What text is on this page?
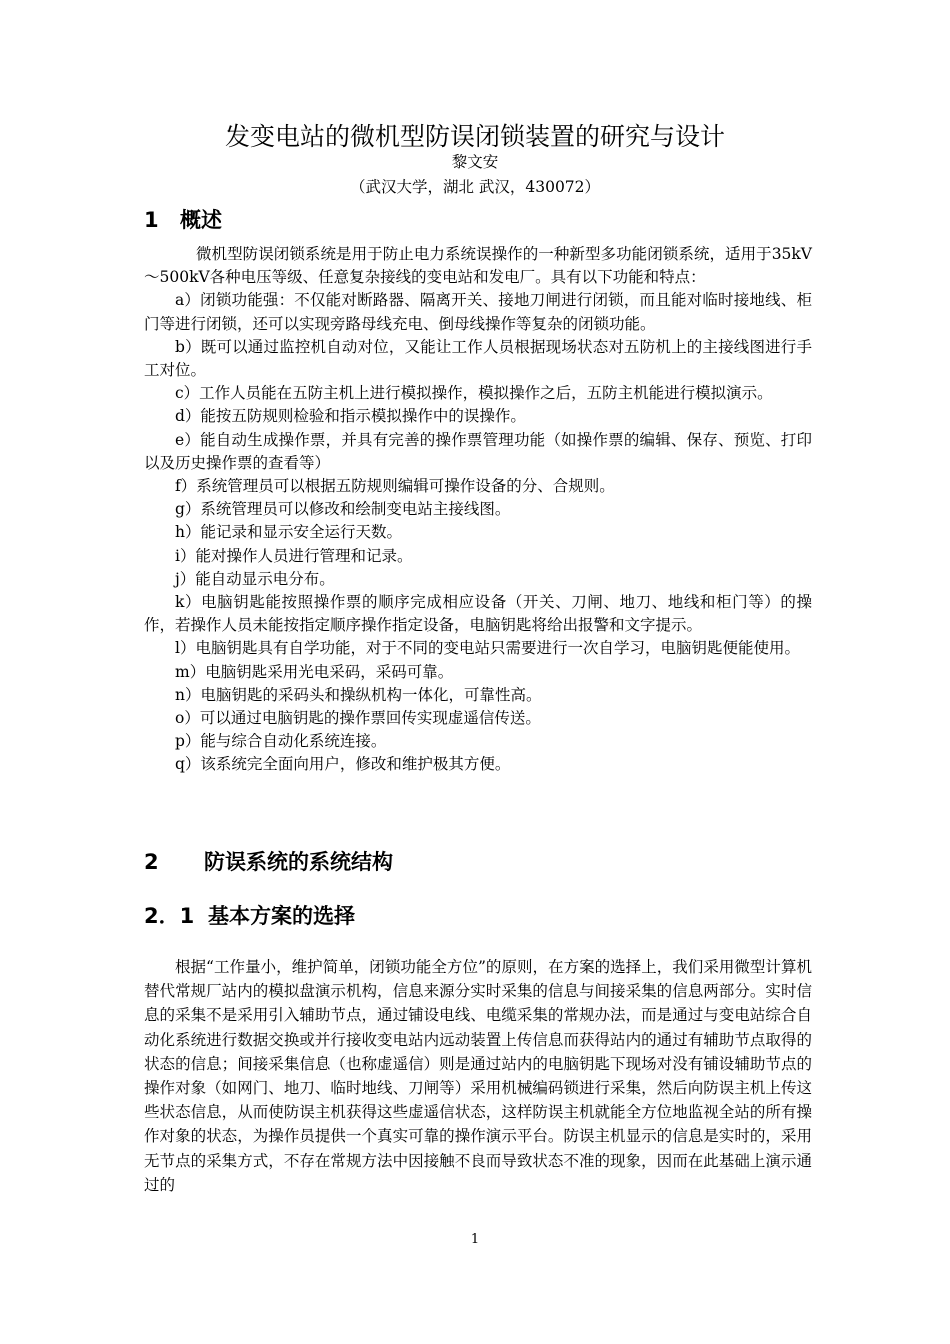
发变电站的微机型防误闭锁装置的研究与设计
黎文安
（武汉大学，湖北 武汉，430072）
1 概述

微机型防误闭锁系统是用于防止电力系统误操作的一种新型多功能闭锁系统，适用于35kV～500kV各种电压等级、任意复杂接线的变电站和发电厂。具有以下功能和特点：

a）闭锁功能强：不仅能对断路器、隔离开关、接地刀闸进行闭锁，而且能对临时接地线、柜门等进行闭锁，还可以实现旁路母线充电、倒母线操作等复杂的闭锁功能。

b）既可以通过监控机自动对位，又能让工作人员根据现场状态对五防机上的主接线图进行手工对位。

c）工作人员能在五防主机上进行模拟操作，模拟操作之后，五防主机能进行模拟演示。

d）能按五防规则检验和指示模拟操作中的误操作。

e）能自动生成操作票，并具有完善的操作票管理功能（如操作票的编辑、保存、预览、打印以及历史操作票的查看等）

f）系统管理员可以根据五防规则编辑可操作设备的分、合规则。

g）系统管理员可以修改和绘制变电站主接线图。

h）能记录和显示安全运行天数。

i）能对操作人员进行管理和记录。

j）能自动显示电分布。

k）电脑钥匙能按照操作票的顺序完成相应设备（开关、刀闸、地刀、地线和柜门等）的操作，若操作人员未能按指定顺序操作指定设备，电脑钥匙将给出报警和文字提示。

l）电脑钥匙具有自学功能，对于不同的变电站只需要进行一次自学习，电脑钥匙便能使用。

m）电脑钥匙采用光电采码，采码可靠。

n）电脑钥匙的采码头和操纵机构一体化，可靠性高。

o）可以通过电脑钥匙的操作票回传实现虚遥信传送。

p）能与综合自动化系统连接。

q）该系统完全面向用户，修改和维护极其方便。

2 防误系统的系统结构
2．1 基本方案的选择

根据“工作量小，维护简单，闭锁功能全方位”的原则，在方案的选择上，我们采用微型计算机替代常规厂站内的模拟盘演示机构，信息来源分实时采集的信息与间接采集的信息两部分。实时信息的采集不是采用引入辅助节点，通过铺设电线、电缆采集的常规办法，而是通过与变电站综合自动化系统进行数据交换或并行接收变电站内远动装置上传信息而获得站内的通过有辅助节点取得的状态的信息；间接采集信息（也称虚遥信）则是通过站内的电脑钥匙下现场对没有铺设辅助节点的操作对象（如网门、地刀、临时地线、刀闸等）采用机械编码锁进行采集，然后向防误主机上传这些状态信息，从而使防误主机获得这些虚遥信状态，这样防误主机就能全方位地监视全站的所有操作对象的状态，为操作员提供一个真实可靠的操作演示平台。防误主机显示的信息是实时的，采用无节点的采集方式，不存在常规方法中因接触不良而导致状态不准的现象，因而在此基础上演示通过的

1
